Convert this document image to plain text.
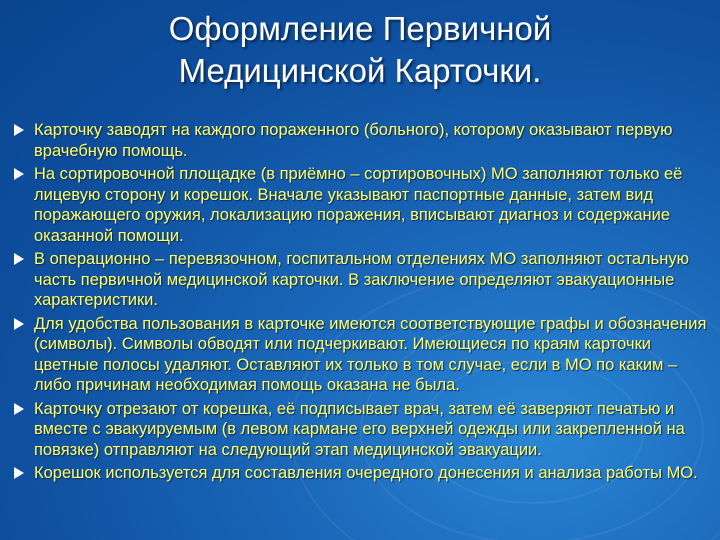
Оформление Первичной
Медицинской Карточки.
Карточку заводят на каждого пораженного (больного), которому оказывают первую врачебную помощь.
На сортировочной площадке (в приёмно – сортировочных) МО заполняют только её лицевую сторону и корешок. Вначале указывают паспортные данные, затем вид поражающего оружия, локализацию поражения, вписывают диагноз и содержание оказанной помощи.
В операционно – перевязочном, госпитальном отделениях МО заполняют остальную часть первичной медицинской карточки. В заключение определяют эвакуационные характеристики.
Для удобства пользования в карточке имеются соответствующие графы и обозначения (символы). Символы обводят или подчеркивают. Имеющиеся по краям карточки цветные полосы удаляют. Оставляют их только в том случае, если в МО по каким – либо причинам необходимая помощь оказана не была.
Карточку отрезают от корешка, её подписывает врач, затем её заверяют печатью и вместе с эвакуируемым (в левом кармане его верхней одежды или закрепленной на повязке) отправляют на следующий этап медицинской эвакуации.
Корешок используется для составления очередного донесения и анализа работы МО.
